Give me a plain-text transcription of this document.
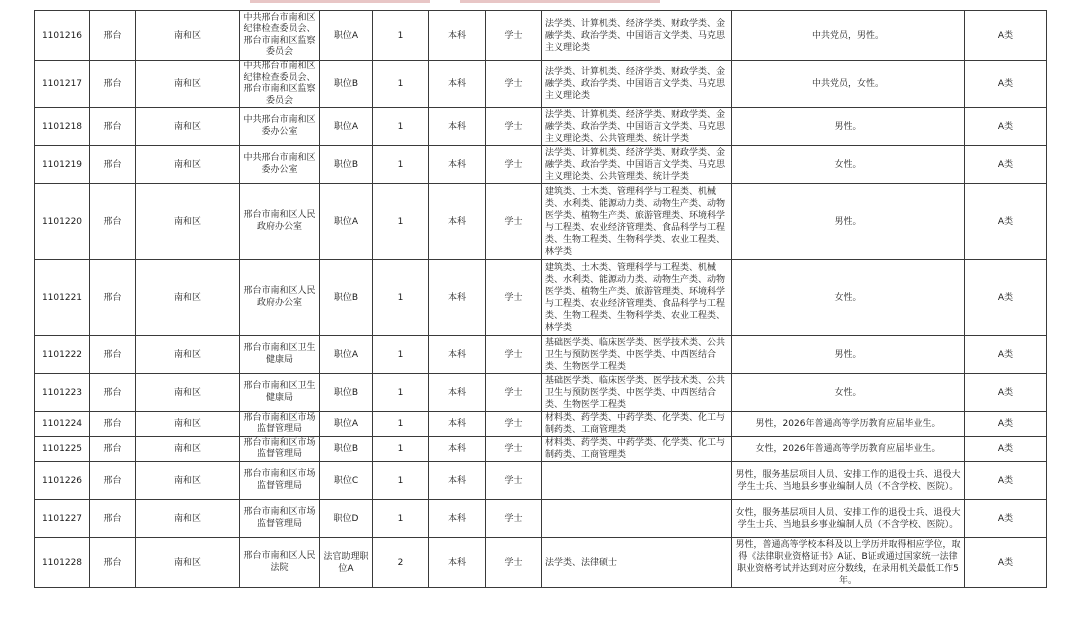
1101216	邢台	南和区	中共邢台市南和区纪律检查委员会、邢台市南和区监察委员会	职位A	1	本科	学士	法学类、计算机类、经济学类、财政学类、金融学类、政治学类、中国语言文学类、马克思主义理论类	中共党员，男性。	A类
1101217	邢台	南和区	中共邢台市南和区纪律检查委员会、邢台市南和区监察委员会	职位B	1	本科	学士	法学类、计算机类、经济学类、财政学类、金融学类、政治学类、中国语言文学类、马克思主义理论类	中共党员，女性。	A类
1101218	邢台	南和区	中共邢台市南和区委办公室	职位A	1	本科	学士	法学类、计算机类、经济学类、财政学类、金融学类、政治学类、中国语言文学类、马克思主义理论类、公共管理类、统计学类	男性。	A类
1101219	邢台	南和区	中共邢台市南和区委办公室	职位B	1	本科	学士	法学类、计算机类、经济学类、财政学类、金融学类、政治学类、中国语言文学类、马克思主义理论类、公共管理类、统计学类	女性。	A类
1101220	邢台	南和区	邢台市南和区人民政府办公室	职位A	1	本科	学士	建筑类、土木类、管理科学与工程类、机械类、水利类、能源动力类、动物生产类、动物医学类、植物生产类、旅游管理类、环境科学与工程类、农业经济管理类、食品科学与工程类、生物工程类、生物科学类、农业工程类、林学类	男性。	A类
1101221	邢台	南和区	邢台市南和区人民政府办公室	职位B	1	本科	学士	建筑类、土木类、管理科学与工程类、机械类、水利类、能源动力类、动物生产类、动物医学类、植物生产类、旅游管理类、环境科学与工程类、农业经济管理类、食品科学与工程类、生物工程类、生物科学类、农业工程类、林学类	女性。	A类
1101222	邢台	南和区	邢台市南和区卫生健康局	职位A	1	本科	学士	基础医学类、临床医学类、医学技术类、公共卫生与预防医学类、中医学类、中西医结合类、生物医学工程类	男性。	A类
1101223	邢台	南和区	邢台市南和区卫生健康局	职位B	1	本科	学士	基础医学类、临床医学类、医学技术类、公共卫生与预防医学类、中医学类、中西医结合类、生物医学工程类	女性。	A类
1101224	邢台	南和区	邢台市南和区市场监督管理局	职位A	1	本科	学士	材料类、药学类、中药学类、化学类、化工与制药类、工商管理类	男性，2026年普通高等学历教育应届毕业生。	A类
1101225	邢台	南和区	邢台市南和区市场监督管理局	职位B	1	本科	学士	材料类、药学类、中药学类、化学类、化工与制药类、工商管理类	女性，2026年普通高等学历教育应届毕业生。	A类
1101226	邢台	南和区	邢台市南和区市场监督管理局	职位C	1	本科	学士		男性，服务基层项目人员、安排工作的退役士兵、退役大学生士兵、当地县乡事业编制人员（不含学校、医院）。	A类
1101227	邢台	南和区	邢台市南和区市场监督管理局	职位D	1	本科	学士		女性，服务基层项目人员、安排工作的退役士兵、退役大学生士兵、当地县乡事业编制人员（不含学校、医院）。	A类
1101228	邢台	南和区	邢台市南和区人民法院	法官助理职位A	2	本科	学士	法学类、法律硕士	男性，普通高等学校本科及以上学历并取得相应学位，取得《法律职业资格证书》A证、B证或通过国家统一法律职业资格考试并达到对应分数线，在录用机关最低工作5年。	A类
